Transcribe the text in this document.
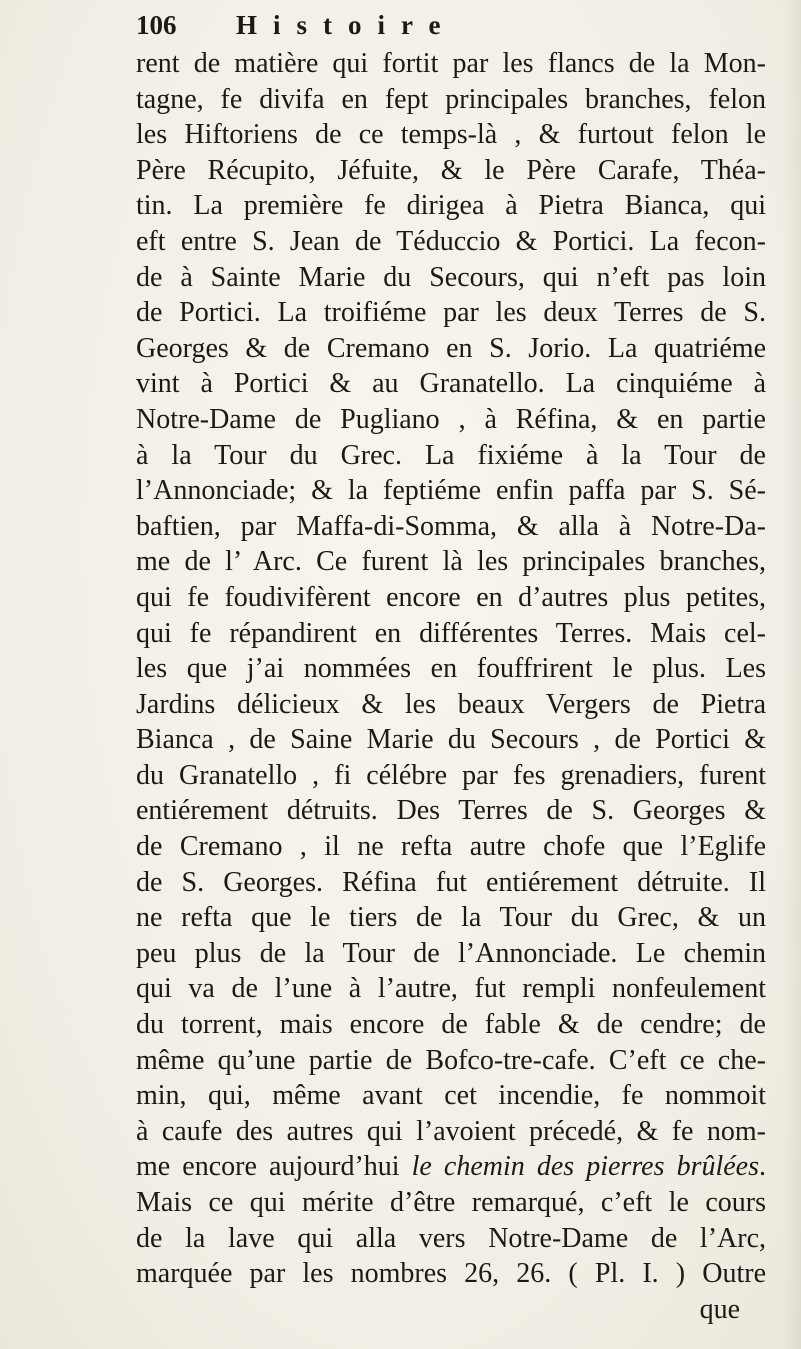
106 Histoire
rent de matière qui fortit par les flancs de la Mon-
tagne, fe divifa en fept principales branches, felon
les Hiftoriens de ce temps-là , & furtout felon le
Père Récupito, Jéfuite, & le Père Carafe, Théa-
tin. La première fe dirigea à Pietra Bianca, qui
eft entre S. Jean de Téduccio & Portici. La fecon-
de à Sainte Marie du Secours, qui n’eft pas loin
de Portici. La troifiéme par les deux Terres de S.
Georges & de Cremano en S. Jorio. La quatriéme
vint à Portici & au Granatello. La cinquiéme à
Notre-Dame de Pugliano , à Réfina, & en partie
à la Tour du Grec. La fixiéme à la Tour de
l’Annonciade; & la feptiéme enfin paffa par S. Sé-
baftien, par Maffa-di-Somma, & alla à Notre-Da-
me de l’ Arc. Ce furent là les principales branches,
qui fe foudivifèrent encore en d’autres plus petites,
qui fe répandirent en différentes Terres. Mais cel-
les que j’ai nommées en fouffrirent le plus. Les
Jardins délicieux & les beaux Vergers de Pietra
Bianca , de Saine Marie du Secours , de Portici &
du Granatello , fi célébre par fes grenadiers, furent
entiérement détruits. Des Terres de S. Georges &
de Cremano , il ne refta autre chofe que l’Eglife
de S. Georges. Réfina fut entiérement détruite. Il
ne refta que le tiers de la Tour du Grec, & un
peu plus de la Tour de l’Annonciade. Le chemin
qui va de l’une à l’autre, fut rempli nonfeulement
du torrent, mais encore de fable & de cendre; de
même qu’une partie de Bofco-tre-cafe. C’eft ce che-
min, qui, même avant cet incendie, fe nommoit
à caufe des autres qui l’avoient précedé, & fe nom-
me encore aujourd’hui le chemin des pierres brûlées.
Mais ce qui mérite d’être remarqué, c’eft le cours
de la lave qui alla vers Notre-Dame de l’Arc,
marquée par les nombres 26, 26. ( Pl. I. ) Outre
que
